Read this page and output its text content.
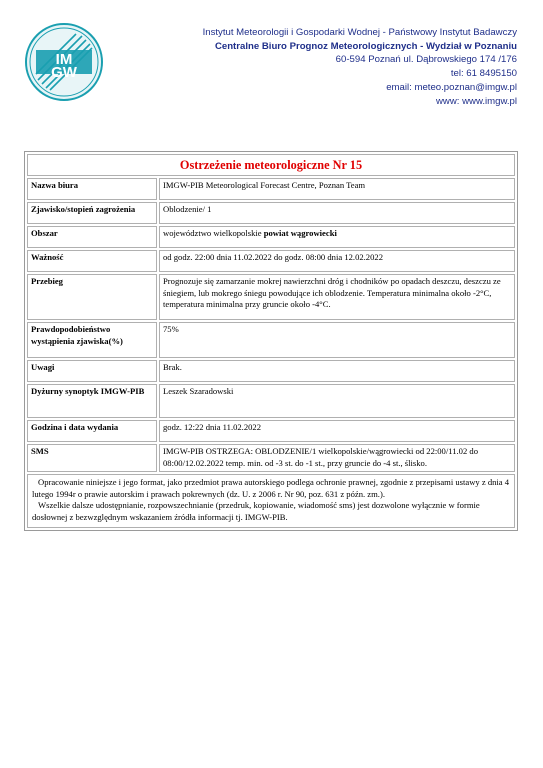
IM
GW
Instytut Meteorologii i Gospodarki Wodnej - Państwowy Instytut Badawczy
Centralne Biuro Prognoz Meteorologicznych - Wydział w Poznaniu
60-594 Poznań ul. Dąbrowskiego 174 /176
tel: 61 8495150
email: meteo.poznan@imgw.pl
www: www.imgw.pl
Ostrzeżenie meteorologiczne Nr 15
Nazwa biura	IMGW-PIB Meteorological Forecast Centre, Poznan Team
Zjawisko/stopień zagrożenia	Oblodzenie/ 1
Obszar	województwo wielkopolskie powiat wągrowiecki
Ważność	od godz. 22:00 dnia 11.02.2022 do godz. 08:00 dnia 12.02.2022
Przebieg	Prognozuje się zamarzanie mokrej nawierzchni dróg i chodników po opadach deszczu, deszczu ze śniegiem, lub mokrego śniegu powodujące ich oblodzenie. Temperatura minimalna około -2°C, temperatura minimalna przy gruncie około -4°C.
Prawdopodobieństwo wystąpienia zjawiska(%)	75%
Uwagi	Brak.
Dyżurny synoptyk IMGW-PIB	Leszek Szaradowski
Godzina i data wydania	godz. 12:22 dnia 11.02.2022
SMS	IMGW-PIB OSTRZEGA: OBLODZENIE/1 wielkopolskie/wągrowiecki od 22:00/11.02 do 08:00/12.02.2022 temp. min. od -3 st. do -1 st., przy gruncie do -4 st., ślisko.

Opracowanie niniejsze i jego format, jako przedmiot prawa autorskiego podlega ochronie prawnej, zgodnie z przepisami ustawy z dnia 4 lutego 1994r o prawie autorskim i prawach pokrewnych (dz. U. z 2006 r. Nr 90, poz. 631 z późn. zm.).

Wszelkie dalsze udostępnianie, rozpowszechnianie (przedruk, kopiowanie, wiadomość sms) jest dozwolone wyłącznie w formie dosłownej z bezwzględnym wskazaniem źródła informacji tj. IMGW-PIB.
